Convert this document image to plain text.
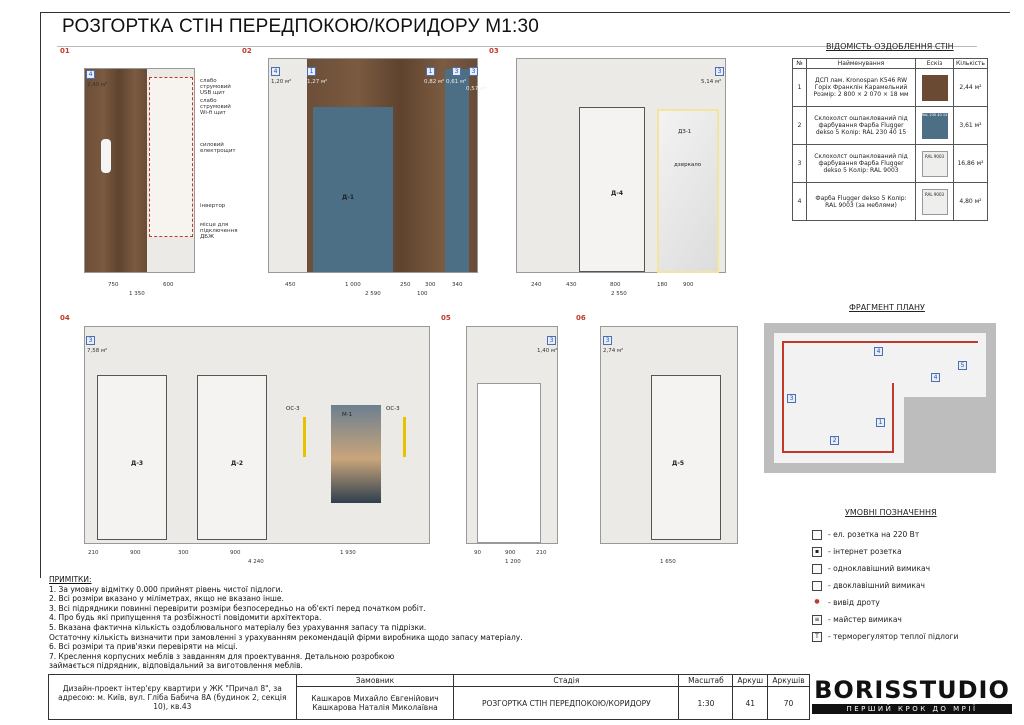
РОЗГОРТКА СТІН ПЕРЕДПОКОЮ/КОРИДОРУ М1:30
01
4
2,40 м²
слабо струмовий USB щит
слабо струмовий Wi-fi щит
силовий електрощит
інвертор
місце для підключення ДБЖ
750	600
1 350
02
4	1	1	3	3
1,20 м²	1,27 м²	0,82 м² 0,61 м²
0,57 м²
Д-1
450	1 000	250	300	340
2 590	100
03
3
5,14 м²
Д-4
ДЗ-1
дзеркало
240	430	800	180	900
2 550
ВІДОМІСТЬ ОЗДОБЛЕННЯ СТІН
№	Найменування	Ескіз	Кількість
1	ДСП лам. Kronospan K546 RW Горіх Франклін Карамельний Розмір: 2 800 × 2 070 × 18 мм		2,44 м²
2	Склохолст ошпаклований під фарбування Фарба Flugger dekso 5 Колір: RAL 230 40 15	RAL 230 40 15	3,61 м²
3	Склохолст ошпаклований під фарбування Фарба Flugger dekso 5 Колір: RAL 9003	RAL 9003	16,86 м²
4	Фарба Flugger dekso 5 Колір: RAL 9003 (за меблями)	RAL 9003	4,80 м²
04
3
7,58 м²
Д-3	Д-2
ОС-3	ОС-3
М-1
210	900	300	900	1 930
4 240
05
3
1,40 м²
90	900	210
1 200
06
3
2,74 м²
Д-5
1 650
ФРАГМЕНТ ПЛАНУ
4
5
4
3
1
2
УМОВНІ ПОЗНАЧЕННЯ
- ел. розетка на 220 Вт
▪	- інтернет розетка
- одноклавішний вимикач
- двоклавішний вимикач
●	- вивід дроту
≡	- майстер вимикач
T	- терморегулятор теплої підлоги
ПРИМІТКИ:
1. За умовну відмітку 0.000 прийнят рівень чистої підлоги.
2. Всі розміри вказано у міліметрах, якщо не вказано інше.
3. Всі підрядники повинні перевірити розміри безпосередньо на об'єкті перед початком робіт.
4. Про будь які припущення та розбіжності повідомити архітектора.
5. Вказана фактична кількість оздоблювального матеріалу без урахування запасу та підрізки.
Остаточну кількість визначити при замовленні з урахуванням рекомендацій фірми виробника щодо запасу матеріалу.
6. Всі розміри та прив'язки перевіряти на місці.
7. Креслення корпусних меблів з завданням для проектування. Детальною розробкою
займається підрядник, відповідальний за виготовлення меблів.
Дизайн-проект інтер'єру квартири у ЖК "Причал 8", за адресою: м. Київ, вул. Гліба Бабича 8А (будинок 2, секція 10), кв.43	Замовник	Стадія	Масштаб	Аркуш	Аркушів
	Кашкаров Михайло Євгенійович Кашкарова Наталія Миколаївна	РОЗГОРТКА СТІН ПЕРЕДПОКОЮ/КОРИДОРУ	1:30	41	70 BORISSTUDIO
ПЕРШИЙ КРОК ДО МРІЇ
